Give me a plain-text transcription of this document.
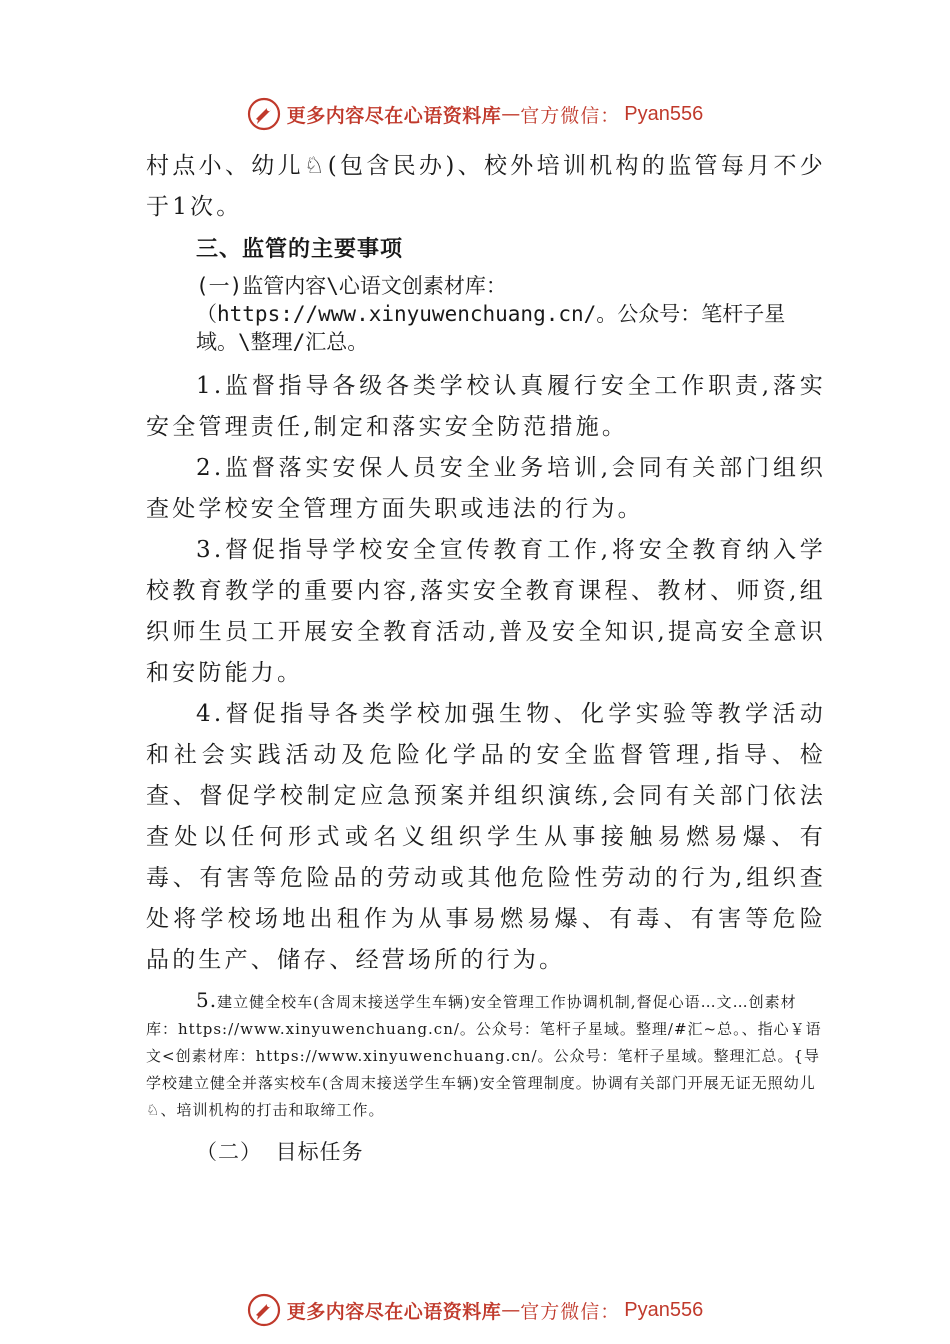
更多内容尽在心语资料库 — 官方微信： Pyan556

村点小、幼儿♘(包含民办)、校外培训机构的监管每月不少于1次。

三、监管的主要事项

(一)监管内容\心语文创素材库：（https://www.xinyuwenchuang.cn/。公众号：笔杆子星域。\整理/汇总。

1.监督指导各级各类学校认真履行安全工作职责,落实安全管理责任,制定和落实安全防范措施。

2.监督落实安保人员安全业务培训,会同有关部门组织查处学校安全管理方面失职或违法的行为。

3.督促指导学校安全宣传教育工作,将安全教育纳入学校教育教学的重要内容,落实安全教育课程、教材、师资,组织师生员工开展安全教育活动,普及安全知识,提高安全意识和安防能力。

4.督促指导各类学校加强生物、化学实验等教学活动和社会实践活动及危险化学品的安全监督管理,指导、检查、督促学校制定应急预案并组织演练,会同有关部门依法查处以任何形式或名义组织学生从事接触易燃易爆、有毒、有害等危险品的劳动或其他危险性劳动的行为,组织查处将学校场地出租作为从事易燃易爆、有毒、有害等危险品的生产、储存、经营场所的行为。

5.建立健全校车(含周末接送学生车辆)安全管理工作协调机制,督促心语…文…创素材库：https://www.xinyuwenchuang.cn/。公众号：笔杆子星域。整理/#汇~总。、指心￥语文<创素材库：https://www.xinyuwenchuang.cn/。公众号：笔杆子星域。整理汇总。{导学校建立健全并落实校车(含周末接送学生车辆)安全管理制度。协调有关部门开展无证无照幼儿♘、培训机构的打击和取缔工作。

（二） 目标任务

更多内容尽在心语资料库 — 官方微信： Pyan556
